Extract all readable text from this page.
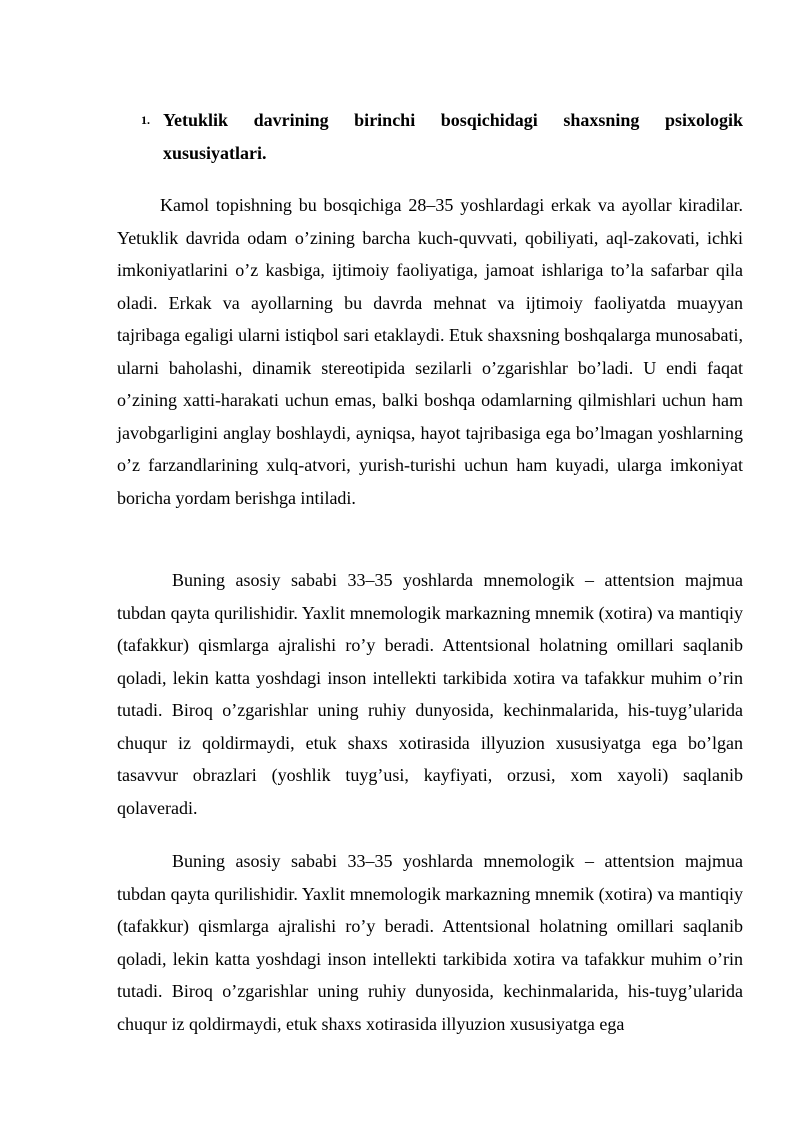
1. Yetuklik davrining birinchi bosqichidagi shaxsning psixologik xususiyatlari.

Kamol topishning bu bosqichiga 28–35 yoshlardagi erkak va ayollar kiradilar. Yetuklik davrida odam o’zining barcha kuch-quvvati, qobiliyati, aql-zakovati, ichki imkoniyatlarini o’z kasbiga, ijtimoiy faoliyatiga, jamoat ishlariga to’la safarbar qila oladi. Erkak va ayollarning bu davrda mehnat va ijtimoiy faoliyatda muayyan tajribaga egaligi ularni istiqbol sari etaklaydi. Etuk shaxsning boshqalarga munosabati, ularni baholashi, dinamik stereotipida sezilarli o’zgarishlar bo’ladi. U endi faqat o’zining xatti-harakati uchun emas, balki boshqa odamlarning qilmishlari uchun ham javobgarligini anglay boshlaydi, ayniqsa, hayot tajribasiga ega bo’lmagan yoshlarning o’z farzandlarining xulq-atvori, yurish-turishi uchun ham kuyadi, ularga imkoniyat boricha yordam berishga intiladi.

Buning asosiy sababi 33–35 yoshlarda mnemologik – attentsion majmua tubdan qayta qurilishidir. Yaxlit mnemologik markazning mnemik (xotira) va mantiqiy (tafakkur) qismlarga ajralishi ro’y beradi. Attentsional holatning omillari saqlanib qoladi, lekin katta yoshdagi inson intellekti tarkibida xotira va tafakkur muhim o’rin tutadi. Biroq o’zgarishlar uning ruhiy dunyosida, kechinmalarida, his-tuyg’ularida chuqur iz qoldirmaydi, etuk shaxs xotirasida illyuzion xususiyatga ega bo’lgan tasavvur obrazlari (yoshlik tuyg’usi, kayfiyati, orzusi, xom xayoli) saqlanib qolaveradi.

Buning asosiy sababi 33–35 yoshlarda mnemologik – attentsion majmua tubdan qayta qurilishidir. Yaxlit mnemologik markazning mnemik (xotira) va mantiqiy (tafakkur) qismlarga ajralishi ro’y beradi. Attentsional holatning omillari saqlanib qoladi, lekin katta yoshdagi inson intellekti tarkibida xotira va tafakkur muhim o’rin tutadi. Biroq o’zgarishlar uning ruhiy dunyosida, kechinmalarida, his-tuyg’ularida chuqur iz qoldirmaydi, etuk shaxs xotirasida illyuzion xususiyatga ega
